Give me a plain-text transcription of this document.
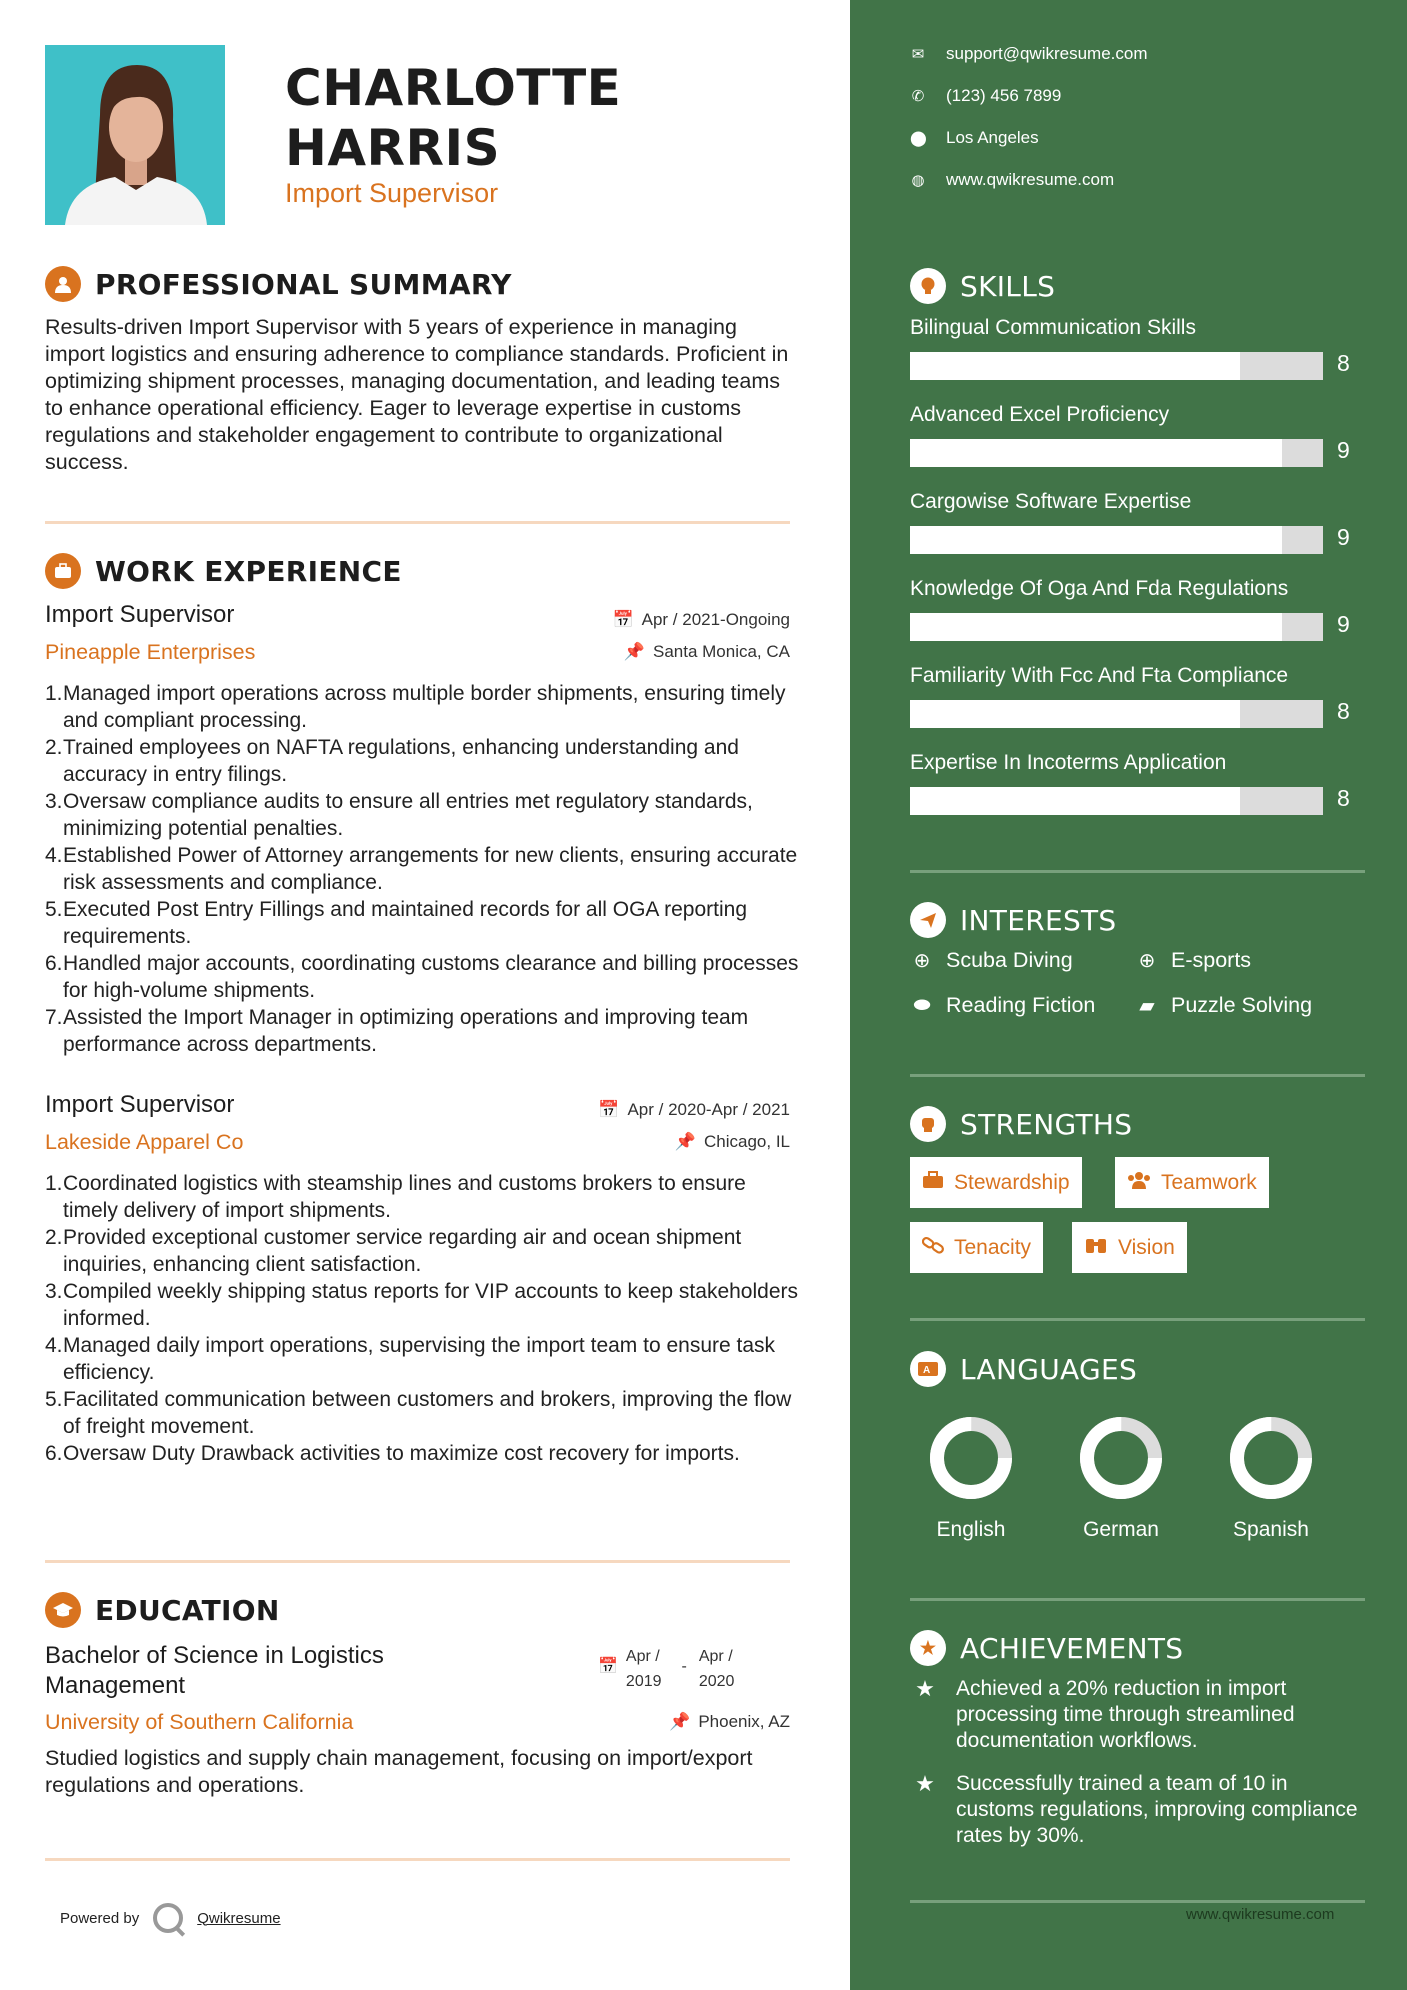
CHARLOTTE
HARRIS
Import Supervisor
PROFESSIONAL SUMMARY
Results-driven Import Supervisor with 5 years of experience in managing import logistics and ensuring adherence to compliance standards. Proficient in optimizing shipment processes, managing documentation, and leading teams to enhance operational efficiency. Eager to leverage expertise in customs regulations and stakeholder engagement to contribute to organizational success.
WORK EXPERIENCE
Import Supervisor
Pineapple Enterprises
📅 Apr / 2021-Ongoing
📌 Santa Monica, CA
1. Managed import operations across multiple border shipments, ensuring timely and compliant processing.
2. Trained employees on NAFTA regulations, enhancing understanding and accuracy in entry filings.
3. Oversaw compliance audits to ensure all entries met regulatory standards, minimizing potential penalties.
4. Established Power of Attorney arrangements for new clients, ensuring accurate risk assessments and compliance.
5. Executed Post Entry Fillings and maintained records for all OGA reporting requirements.
6. Handled major accounts, coordinating customs clearance and billing processes for high-volume shipments.
7. Assisted the Import Manager in optimizing operations and improving team performance across departments.
Import Supervisor
Lakeside Apparel Co
📅 Apr / 2020-Apr / 2021
📌 Chicago, IL
1. Coordinated logistics with steamship lines and customs brokers to ensure timely delivery of import shipments.
2. Provided exceptional customer service regarding air and ocean shipment inquiries, enhancing client satisfaction.
3. Compiled weekly shipping status reports for VIP accounts to keep stakeholders informed.
4. Managed daily import operations, supervising the import team to ensure task efficiency.
5. Facilitated communication between customers and brokers, improving the flow of freight movement.
6. Oversaw Duty Drawback activities to maximize cost recovery for imports.
EDUCATION
Bachelor of Science in Logistics
Management
University of Southern California
📅
Apr /
2019
-
Apr /
2020
📌 Phoenix, AZ
Studied logistics and supply chain management, focusing on import/export regulations and operations.
Powered by	Qwikresume
✉ support@qwikresume.com
✆ (123) 456 7899
⬤ Los Angeles
◍ www.qwikresume.com
SKILLS
Bilingual Communication Skills
8
Advanced Excel Proficiency
9
Cargowise Software Expertise
9
Knowledge Of Oga And Fda Regulations
9
Familiarity With Fcc And Fta Compliance
8
Expertise In Incoterms Application
8
INTERESTS
⊕ Scuba Diving	⊕ E-sports
⬬ Reading Fiction ▰ Puzzle Solving
STRENGTHS
Stewardship	Teamwork
Tenacity	Vision
A LANGUAGES
English	German	Spanish
★ ACHIEVEMENTS
★ Achieved a 20% reduction in import processing time through streamlined documentation workflows.
★ Successfully trained a team of 10 in customs regulations, improving compliance rates by 30%.
www.qwikresume.com
